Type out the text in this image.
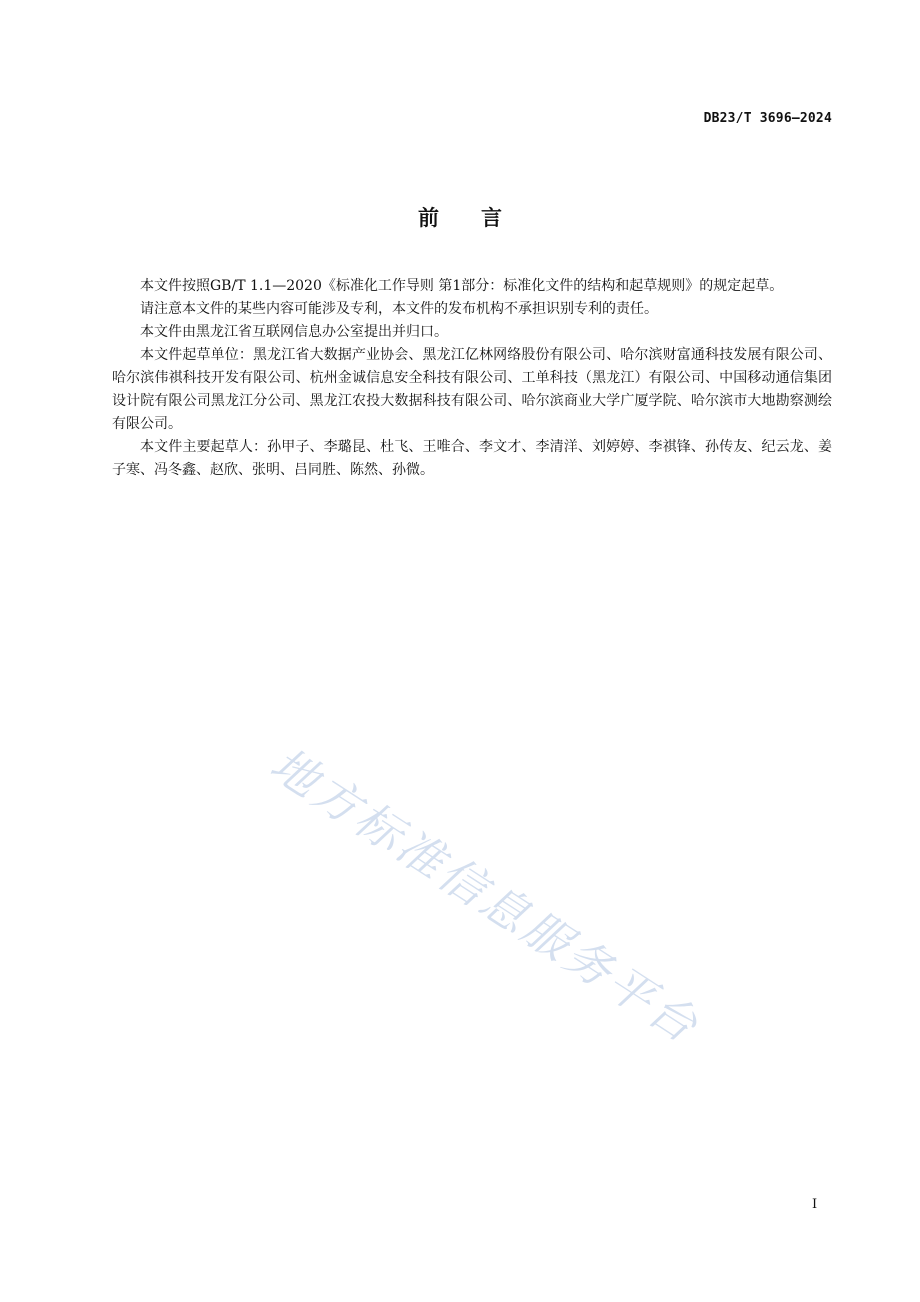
DB23/T 3696—2024
前 言

本文件按照GB/T 1.1—2020《标准化工作导则 第1部分：标准化文件的结构和起草规则》的规定起草。

请注意本文件的某些内容可能涉及专利，本文件的发布机构不承担识别专利的责任。

本文件由黑龙江省互联网信息办公室提出并归口。

本文件起草单位：黑龙江省大数据产业协会、黑龙江亿林网络股份有限公司、哈尔滨财富通科技发展有限公司、哈尔滨伟祺科技开发有限公司、杭州金诚信息安全科技有限公司、工单科技（黑龙江）有限公司、中国移动通信集团设计院有限公司黑龙江分公司、黑龙江农投大数据科技有限公司、哈尔滨商业大学广厦学院、哈尔滨市大地勘察测绘有限公司。

本文件主要起草人：孙甲子、李璐昆、杜飞、王唯合、李文才、李清洋、刘婷婷、李祺锋、孙传友、纪云龙、姜子寒、冯冬鑫、赵欣、张明、吕同胜、陈然、孙微。

地方标准信息服务平台
I
